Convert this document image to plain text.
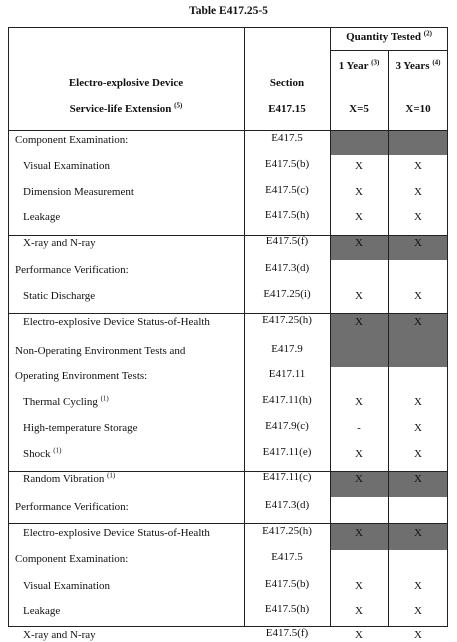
Table E417.25-5
Electro-explosive Device
Service-life Extension $^{(5)}$
Section
E417.15
Quantity Tested $^{(2)}$
1 Year $^{(3)}$	3 Years $^{(4)}$
X=5	X=10
Component Examination:	E417.5
Visual Examination	E417.5(b)	X	X
Dimension Measurement	E417.5(c)	X	X
Leakage	E417.5(h)	X	X
X-ray and N-ray	E417.5(f)	X	X
Performance Verification:	E417.3(d)
Static Discharge	E417.25(i)	X	X
Electro-explosive Device Status-of-Health	E417.25(h)	X	X
Non-Operating Environment Tests and	E417.9
Operating Environment Tests:	E417.11
Thermal Cycling $^{(1)}$	E417.11(h)	X	X
High-temperature Storage	E417.9(c)	-	X
Shock $^{(1)}$	E417.11(e)	X	X
Random Vibration $^{(1)}$	E417.11(c)	X	X
Performance Verification:	E417.3(d)
Electro-explosive Device Status-of-Health	E417.25(h)	X	X
Component Examination:	E417.5
Visual Examination	E417.5(b)	X	X
Leakage	E417.5(h)	X	X
X-ray and N-ray	E417.5(f)	X	X
